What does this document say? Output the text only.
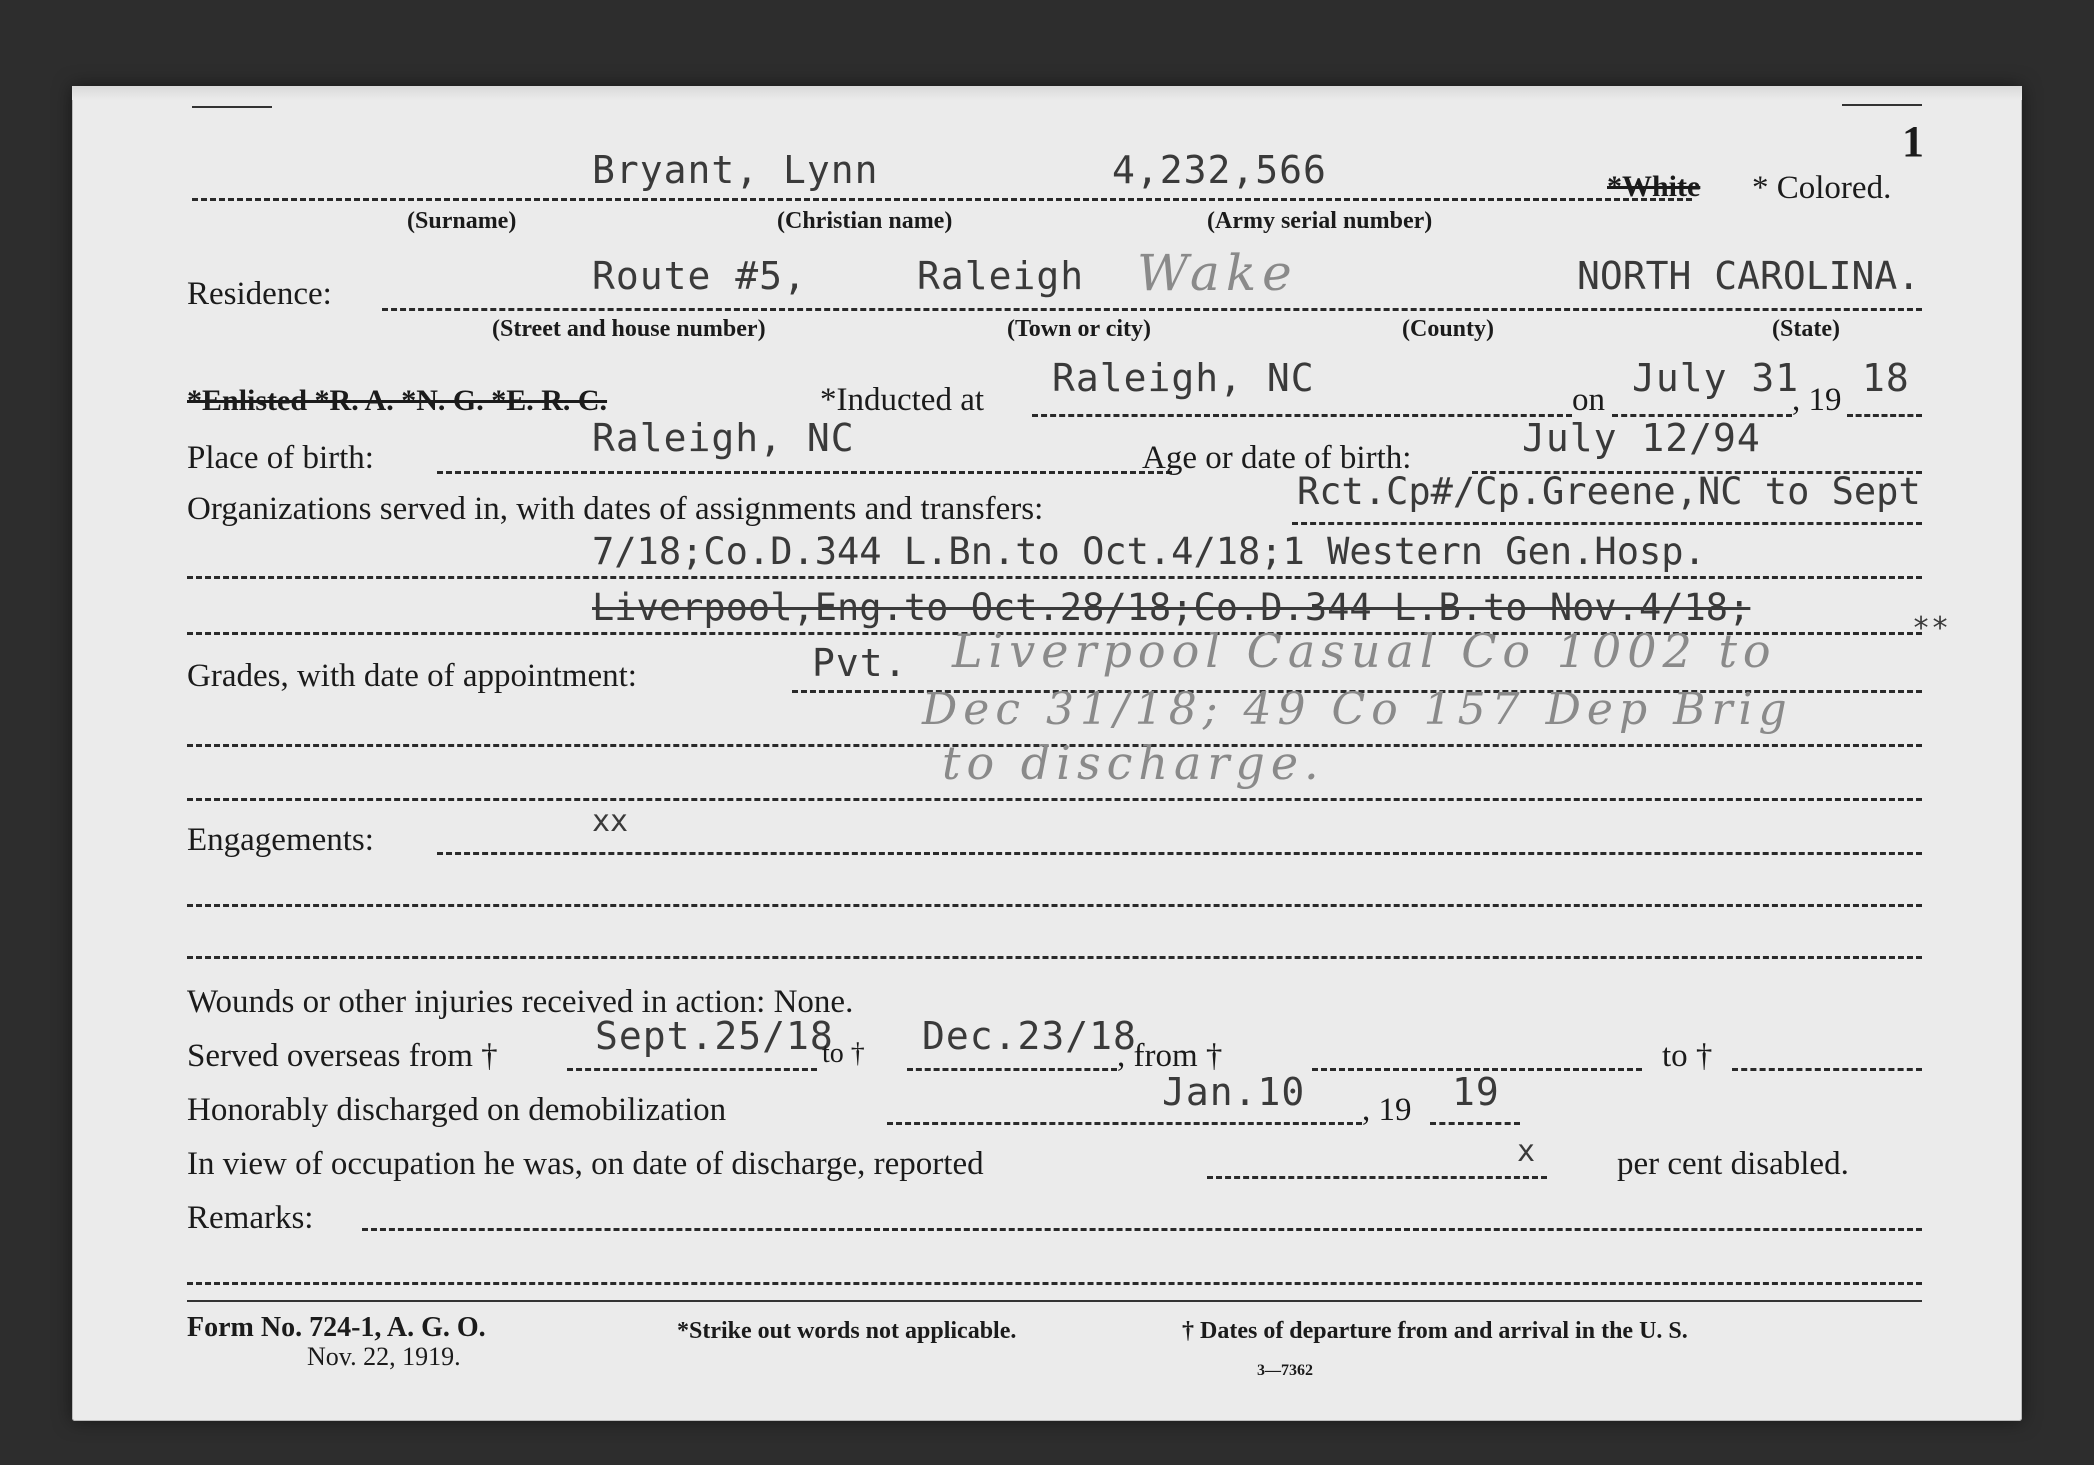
1
Bryant, Lynn	4,232,566	*White * Colored.
(Surname)	(Christian name)	(Army serial number)
Residence:	Route #5,	Raleigh Wake	NORTH CAROLINA.
(Street and house number)	(Town or city)	(County)	(State)
*Enlisted *R. A. *N. G. *E. R. C.	*Inducted at Raleigh, NC	on July 31
, 19 18
Place of birth:	Raleigh, NC	Age or date of birth:	July 12/94
Organizations served in, with dates of assignments and transfers:	Rct.Cp#/Cp.Greene,NC to Sept
7/18;Co.D.344 L.Bn.to Oct.4/18;1 Western Gen.Hosp.
Liverpool,Eng.to Oct.28/18;Co.D.344 L.B.to Nov.4/18;	**
Grades, with date of appointment:	Pvt. Liverpool Casual Co 1002 to
Dec 31/18; 49 Co 157 Dep Brig
to discharge.
Engagements:
xx
Wounds or other injuries received in action: None.
Served overseas from †	Sept.25/18
to † Dec.23/18
, from †	to †
Honorably discharged on demobilization	Jan.10 , 19 19
In view of occupation he was, on date of discharge, reported	x per cent disabled.
Remarks:
Form No. 724-1, A. G. O.
Nov. 22, 1919.
*Strike out words not applicable.	† Dates of departure from and arrival in the U. S.
3—7362
